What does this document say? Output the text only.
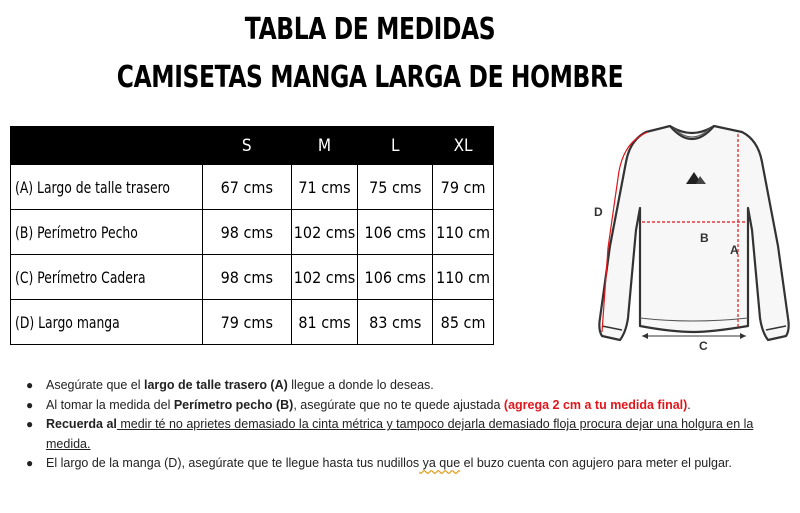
TABLA DE MEDIDAS
CAMISETAS MANGA LARGA DE HOMBRE
	S	M	L	XL
(A) Largo de talle trasero	67 cms	71 cms	75 cms	79 cm
(B) Perímetro Pecho	98 cms	102 cms	106 cms	110 cm
(C) Perímetro Cadera	98 cms	102 cms	106 cms	110 cm
(D) Largo manga	79 cms	81 cms	83 cms	85 cm
B
A
C
D
● Asegúrate que el largo de talle trasero (A) llegue a donde lo deseas.
● Al tomar la medida del Perímetro pecho (B), asegúrate que no te quede ajustada (agrega 2 cm a tu medida final).
● Recuerda al medir té no aprietes demasiado la cinta métrica y tampoco dejarla demasiado floja procura dejar una holgura en la medida.
● El largo de la manga (D), asegúrate que te llegue hasta tus nudillos ya que el buzo cuenta con agujero para meter el pulgar.
